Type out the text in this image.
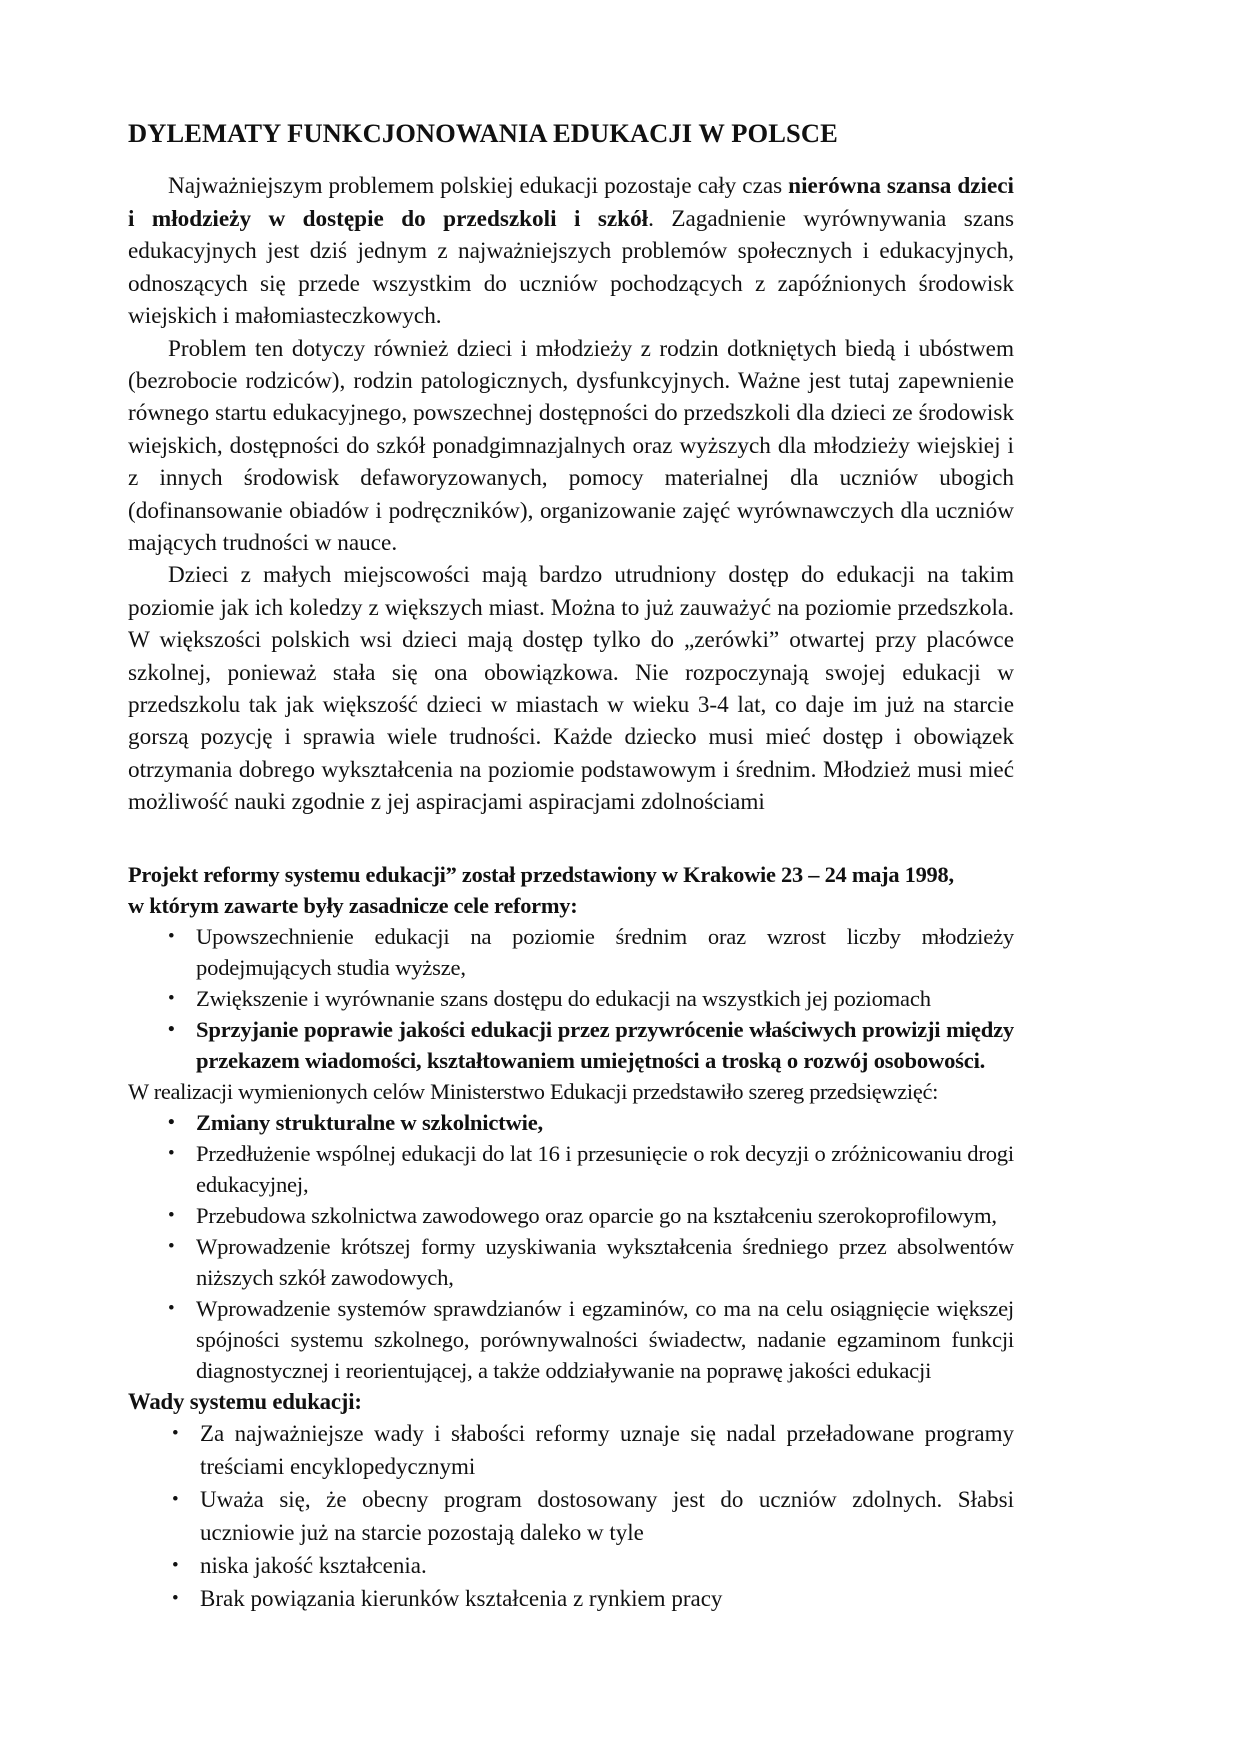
DYLEMATY FUNKCJONOWANIA EDUKACJI W POLSCE

Najważniejszym problemem polskiej edukacji pozostaje cały czas nierówna szansa dzieci i młodzieży w dostępie do przedszkoli i szkół. Zagadnienie wyrównywania szans edukacyjnych jest dziś jednym z najważniejszych problemów społecznych i edukacyjnych, odnoszących się przede wszystkim do uczniów pochodzących z zapóźnionych środowisk wiejskich i małomiasteczkowych.

Problem ten dotyczy również dzieci i młodzieży z rodzin dotkniętych biedą i ubóstwem (bezrobocie rodziców), rodzin patologicznych, dysfunkcyjnych. Ważne jest tutaj zapewnienie równego startu edukacyjnego, powszechnej dostępności do przedszkoli dla dzieci ze środowisk wiejskich, dostępności do szkół ponadgimnazjalnych oraz wyższych dla młodzieży wiejskiej i z innych środowisk defaworyzowanych, pomocy materialnej dla uczniów ubogich (dofinansowanie obiadów i podręczników), organizowanie zajęć wyrównawczych dla uczniów mających trudności w nauce.

Dzieci z małych miejscowości mają bardzo utrudniony dostęp do edukacji na takim poziomie jak ich koledzy z większych miast. Można to już zauważyć na poziomie przedszkola. W większości polskich wsi dzieci mają dostęp tylko do „zerówki” otwartej przy placówce szkolnej, ponieważ stała się ona obowiązkowa. Nie rozpoczynają swojej edukacji w przedszkolu tak jak większość dzieci w miastach w wieku 3-4 lat, co daje im już na starcie gorszą pozycję i sprawia wiele trudności. Każde dziecko musi mieć dostęp i obowiązek otrzymania dobrego wykształcenia na poziomie podstawowym i średnim. Młodzież musi mieć możliwość nauki zgodnie z jej aspiracjami aspiracjami zdolnościami

Projekt reformy systemu edukacji” został przedstawiony w Krakowie 23 – 24 maja 1998,

w którym zawarte były zasadnicze cele reformy:

• Upowszechnienie edukacji na poziomie średnim oraz wzrost liczby młodzieży podejmujących studia wyższe,
• Zwiększenie i wyrównanie szans dostępu do edukacji na wszystkich jej poziomach
• Sprzyjanie poprawie jakości edukacji przez przywrócenie właściwych prowizji między przekazem wiadomości, kształtowaniem umiejętności a troską o rozwój osobowości.

W realizacji wymienionych celów Ministerstwo Edukacji przedstawiło szereg przedsięwzięć:

• Zmiany strukturalne w szkolnictwie,
• Przedłużenie wspólnej edukacji do lat 16 i przesunięcie o rok decyzji o zróżnicowaniu drogi edukacyjnej,
• Przebudowa szkolnictwa zawodowego oraz oparcie go na kształceniu szerokoprofilowym,
• Wprowadzenie krótszej formy uzyskiwania wykształcenia średniego przez absolwentów niższych szkół zawodowych,
• Wprowadzenie systemów sprawdzianów i egzaminów, co ma na celu osiągnięcie większej spójności systemu szkolnego, porównywalności świadectw, nadanie egzaminom funkcji diagnostycznej i reorientującej, a także oddziaływanie na poprawę jakości edukacji
Wady systemu edukacji:
• Za najważniejsze wady i słabości reformy uznaje się nadal przeładowane programy treściami encyklopedycznymi
• Uważa się, że obecny program dostosowany jest do uczniów zdolnych. Słabsi uczniowie już na starcie pozostają daleko w tyle
• niska jakość kształcenia.
• Brak powiązania kierunków kształcenia z rynkiem pracy
